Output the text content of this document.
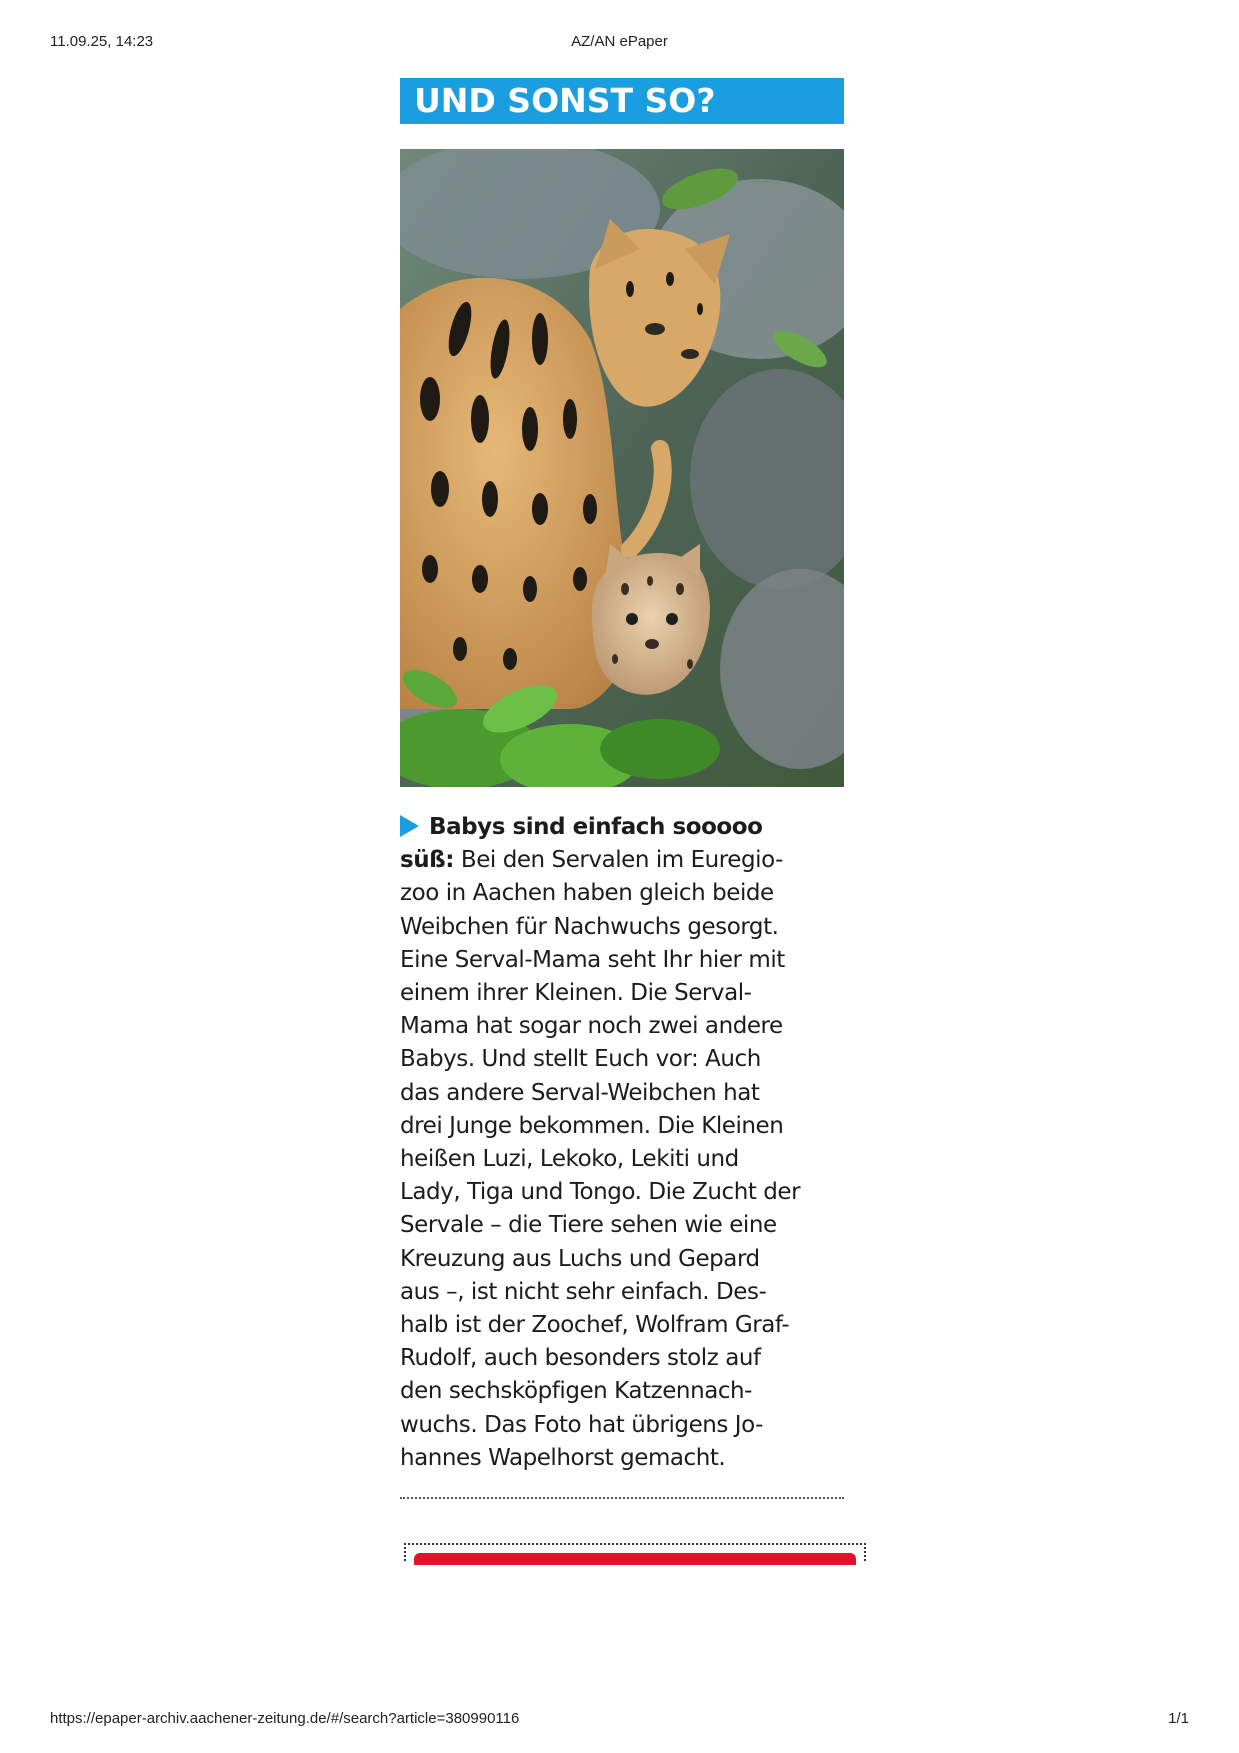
11.09.25, 14:23	AZ/AN ePaper
UND SONST SO?
Babys sind einfach sooooo
süß: Bei den Servalen im Euregio-
zoo in Aachen haben gleich beide
Weibchen für Nachwuchs gesorgt.
Eine Serval-Mama seht Ihr hier mit
einem ihrer Kleinen. Die Serval-
Mama hat sogar noch zwei andere
Babys. Und stellt Euch vor: Auch
das andere Serval-Weibchen hat
drei Junge bekommen. Die Kleinen
heißen Luzi, Lekoko, Lekiti und
Lady, Tiga und Tongo. Die Zucht der
Servale – die Tiere sehen wie eine
Kreuzung aus Luchs und Gepard
aus –, ist nicht sehr einfach. Des-
halb ist der Zoochef, Wolfram Graf-
Rudolf, auch besonders stolz auf
den sechsköpfigen Katzennach-
wuchs. Das Foto hat übrigens Jo-
hannes Wapelhorst gemacht.
https://epaper-archiv.aachener-zeitung.de/#/search?article=380990116	1/1
